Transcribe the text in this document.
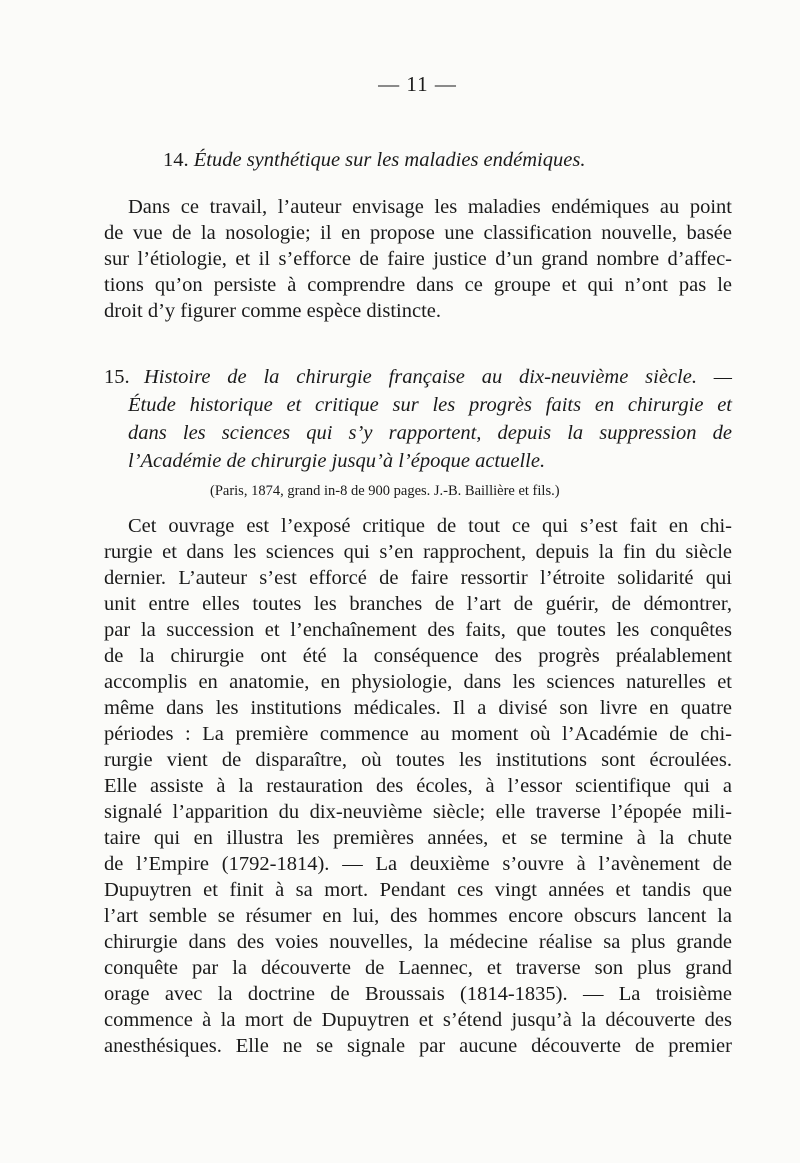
— 11 —
14. Étude synthétique sur les maladies endémiques.
Dans ce travail, l’auteur envisage les maladies endémiques au point
de vue de la nosologie; il en propose une classification nouvelle, basée
sur l’étiologie, et il s’efforce de faire justice d’un grand nombre d’affec-
tions qu’on persiste à comprendre dans ce groupe et qui n’ont pas le
droit d’y figurer comme espèce distincte.
15. Histoire de la chirurgie française au dix-neuvième siècle. —
Étude historique et critique sur les progrès faits en chirurgie et
dans les sciences qui s’y rapportent, depuis la suppression de
l’Académie de chirurgie jusqu’à l’époque actuelle.
(Paris, 1874, grand in-8 de 900 pages. J.-B. Baillière et fils.)
Cet ouvrage est l’exposé critique de tout ce qui s’est fait en chi-
rurgie et dans les sciences qui s’en rapprochent, depuis la fin du siècle
dernier. L’auteur s’est efforcé de faire ressortir l’étroite solidarité qui
unit entre elles toutes les branches de l’art de guérir, de démontrer,
par la succession et l’enchaînement des faits, que toutes les conquêtes
de la chirurgie ont été la conséquence des progrès préalablement
accomplis en anatomie, en physiologie, dans les sciences naturelles et
même dans les institutions médicales. Il a divisé son livre en quatre
périodes : La première commence au moment où l’Académie de chi-
rurgie vient de disparaître, où toutes les institutions sont écroulées.
Elle assiste à la restauration des écoles, à l’essor scientifique qui a
signalé l’apparition du dix-neuvième siècle; elle traverse l’épopée mili-
taire qui en illustra les premières années, et se termine à la chute
de l’Empire (1792-1814). — La deuxième s’ouvre à l’avènement de
Dupuytren et finit à sa mort. Pendant ces vingt années et tandis que
l’art semble se résumer en lui, des hommes encore obscurs lancent la
chirurgie dans des voies nouvelles, la médecine réalise sa plus grande
conquête par la découverte de Laennec, et traverse son plus grand
orage avec la doctrine de Broussais (1814-1835). — La troisième
commence à la mort de Dupuytren et s’étend jusqu’à la découverte des
anesthésiques. Elle ne se signale par aucune découverte de premier
